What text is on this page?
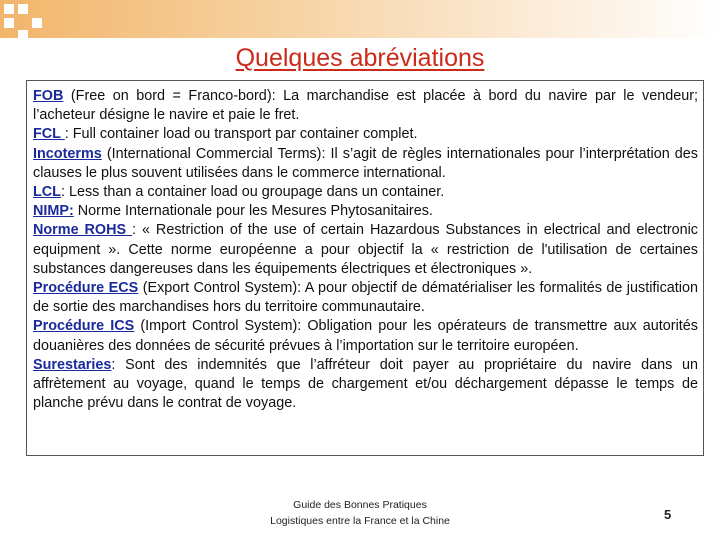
Quelques abréviations

FOB (Free on bord = Franco-bord): La marchandise est placée à bord du navire par le vendeur; l’acheteur désigne le navire et paie le fret.

FCL : Full container load ou transport par container complet.

Incoterms (International Commercial Terms): Il s’agit de règles internationales pour l’interprétation des clauses le plus souvent utilisées dans le commerce international.

LCL: Less than a container load ou groupage dans un container.

NIMP: Norme Internationale pour les Mesures Phytosanitaires.

Norme ROHS : « Restriction of the use of certain Hazardous Substances in electrical and electronic equipment ». Cette norme européenne a pour objectif la « restriction de l'utilisation de certaines substances dangereuses dans les équipements électriques et électroniques ».

Procédure ECS (Export Control System): A pour objectif de dématérialiser les formalités de justification de sortie des marchandises hors du territoire communautaire.

Procédure ICS (Import Control System): Obligation pour les opérateurs de transmettre aux autorités douanières des données de sécurité prévues à l’importation sur le territoire européen.

Surestaries: Sont des indemnités que l’affréteur doit payer au propriétaire du navire dans un affrètement au voyage, quand le temps de chargement et/ou déchargement dépasse le temps de planche prévu dans le contrat de voyage.

Guide des Bonnes Pratiques
Logistiques entre la France et la Chine	5
